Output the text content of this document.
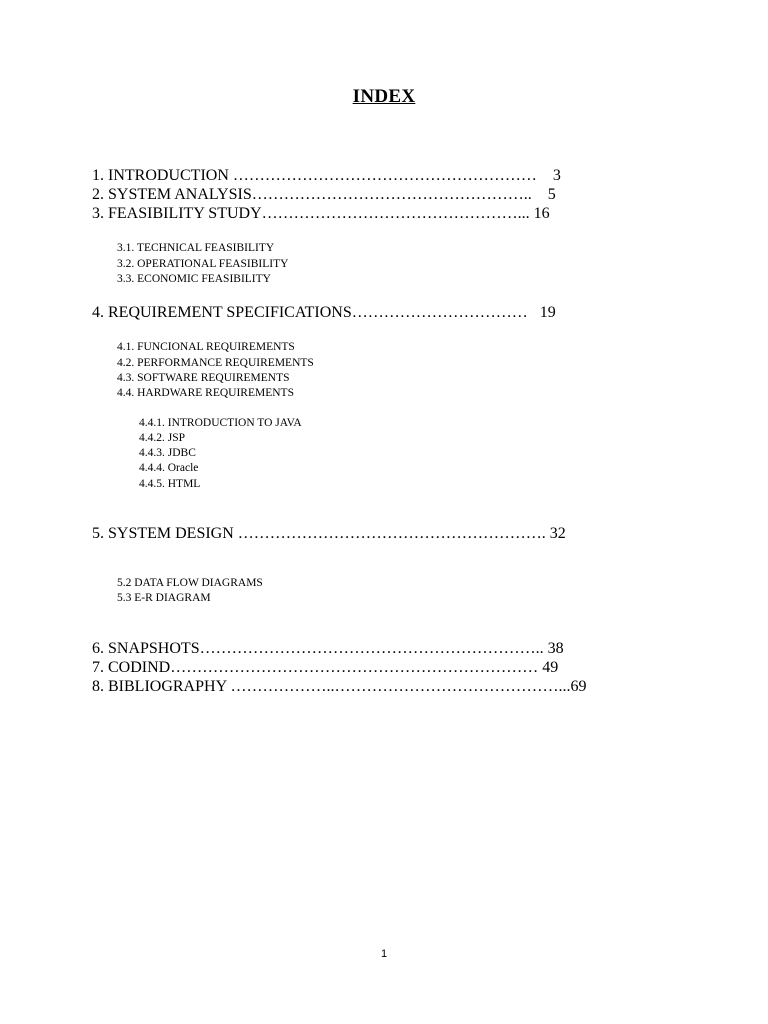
INDEX
1. INTRODUCTION …………………………………………………    3
2. SYSTEM ANALYSIS……………………………………………..    5
3. FEASIBILITY STUDY…………………………………………... 16
3.1. TECHNICAL FEASIBILITY
3.2. OPERATIONAL FEASIBILITY
3.3. ECONOMIC FEASIBILITY
4. REQUIREMENT SPECIFICATIONS……………………………   19
4.1. FUNCIONAL REQUIREMENTS
4.2. PERFORMANCE REQUIREMENTS
4.3. SOFTWARE REQUIREMENTS
4.4. HARDWARE REQUIREMENTS
4.4.1. INTRODUCTION TO JAVA
4.4.2. JSP
4.4.3. JDBC
4.4.4. Oracle
4.4.5. HTML
5. SYSTEM DESIGN …………………………………………………. 32
5.2 DATA FLOW DIAGRAMS
5.3 E-R DIAGRAM
6. SNAPSHOTS……………………………………………………….. 38
7. CODIND…………………………………………………………… 49
8. BIBLIOGRAPHY ………………..……………………………………...69
1
